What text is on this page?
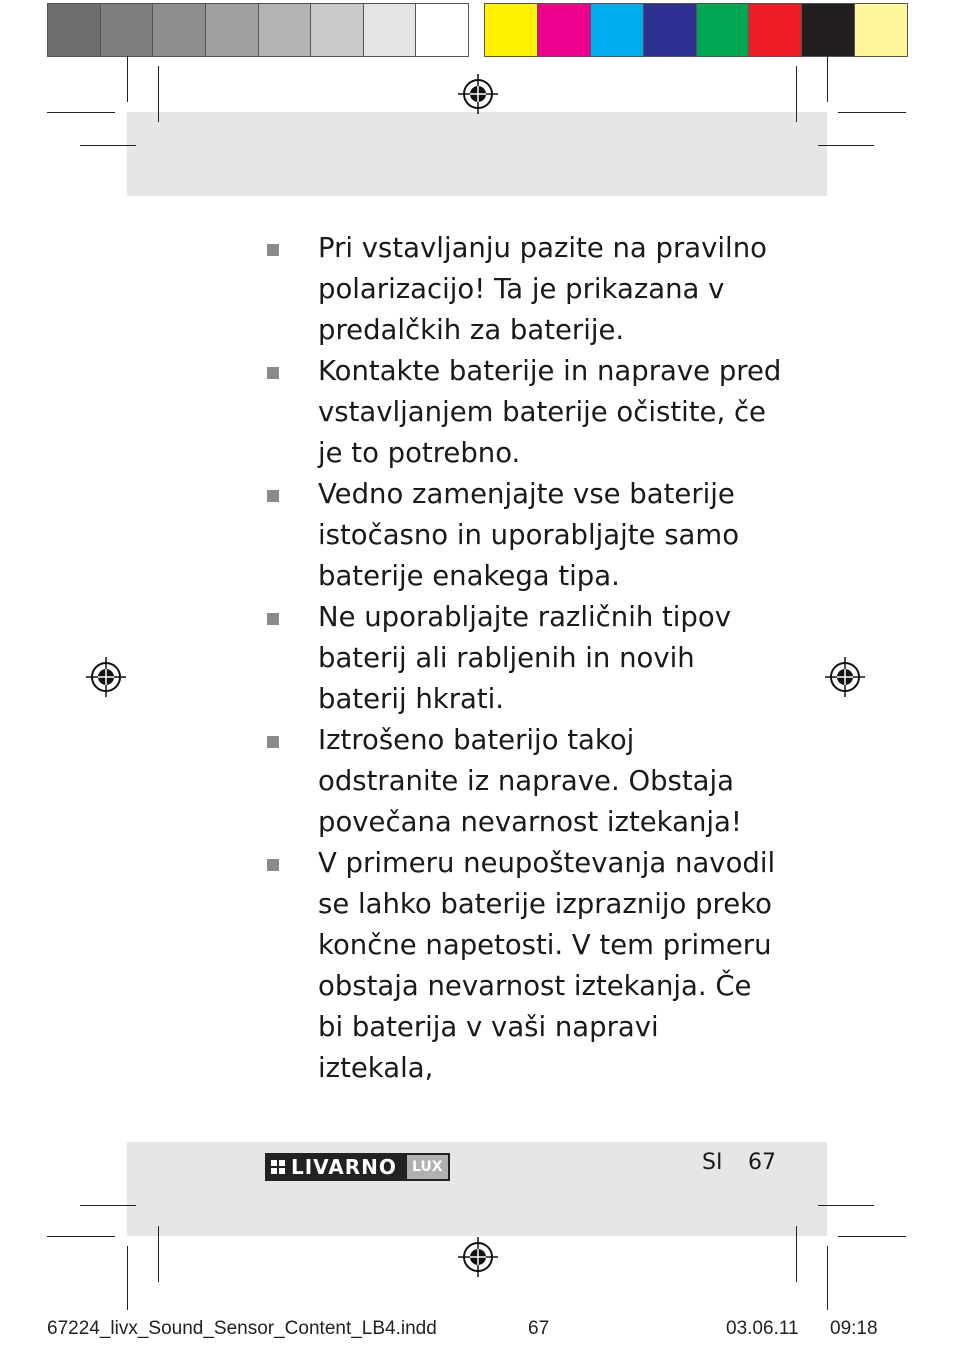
Pri vstavljanju pazite na pravilno polarizacijo! Ta je prikazana v predalčkih za baterije.
Kontakte baterije in naprave pred vstavljanjem baterije očistite, če je to potrebno.
Vedno zamenjajte vse baterije istočasno in uporabljajte samo baterije enakega tipa.
Ne uporabljajte različnih tipov baterij ali rabljenih in novih baterij hkrati.
Iztrošeno baterijo takoj odstranite iz naprave. Obstaja povečana nevarnost iztekanja!
V primeru neupoštevanja navodil se lahko baterije izpraznijo preko končne napetosti. V tem primeru obstaja nevarnost iztekanja. Če bi baterija v vaši napravi iztekala,
LIVARNO	LUX	SI 67
67224_livx_Sound_Sensor_Content_LB4.indd	67	03.06.11 09:18
